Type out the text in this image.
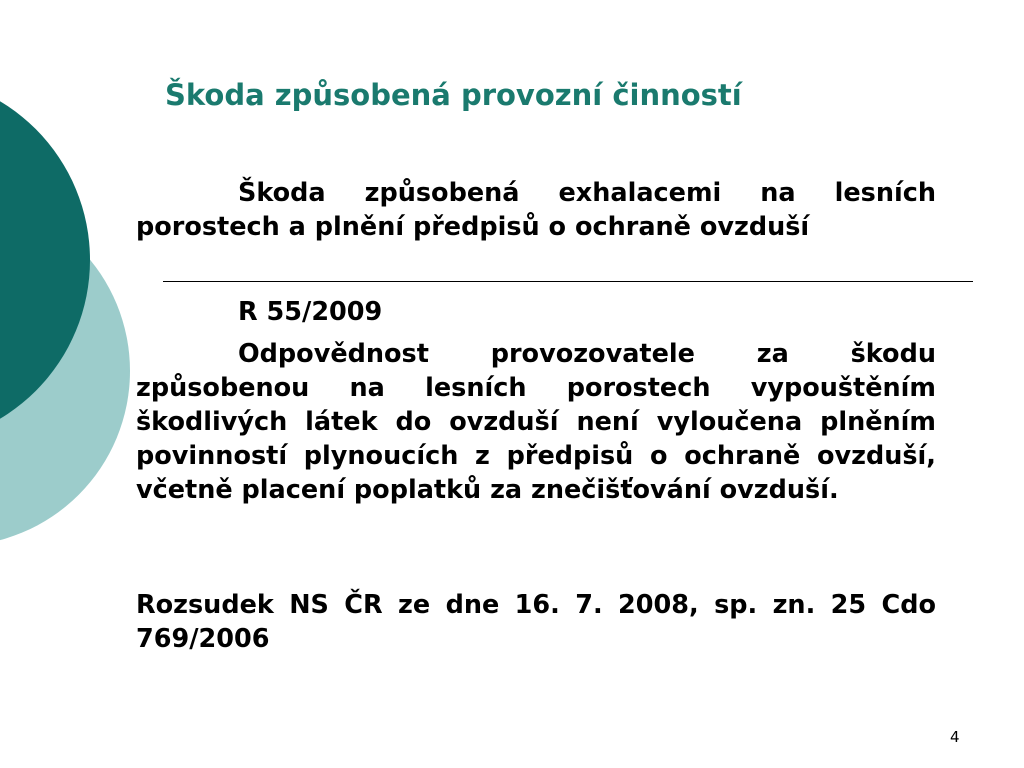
Škoda způsobená provozní činností

Škoda způsobená exhalacemi na lesních porostech a plnění předpisů o ochraně ovzduší

R 55/2009

Odpovědnost provozovatele za škodu způsobenou na lesních porostech vypouštěním škodlivých látek do ovzduší není vyloučena plněním povinností plynoucích z předpisů o ochraně ovzduší, včetně placení poplatků za znečišťování ovzduší.

Rozsudek NS ČR ze dne 16. 7. 2008, sp. zn. 25 Cdo 769/2006

4
